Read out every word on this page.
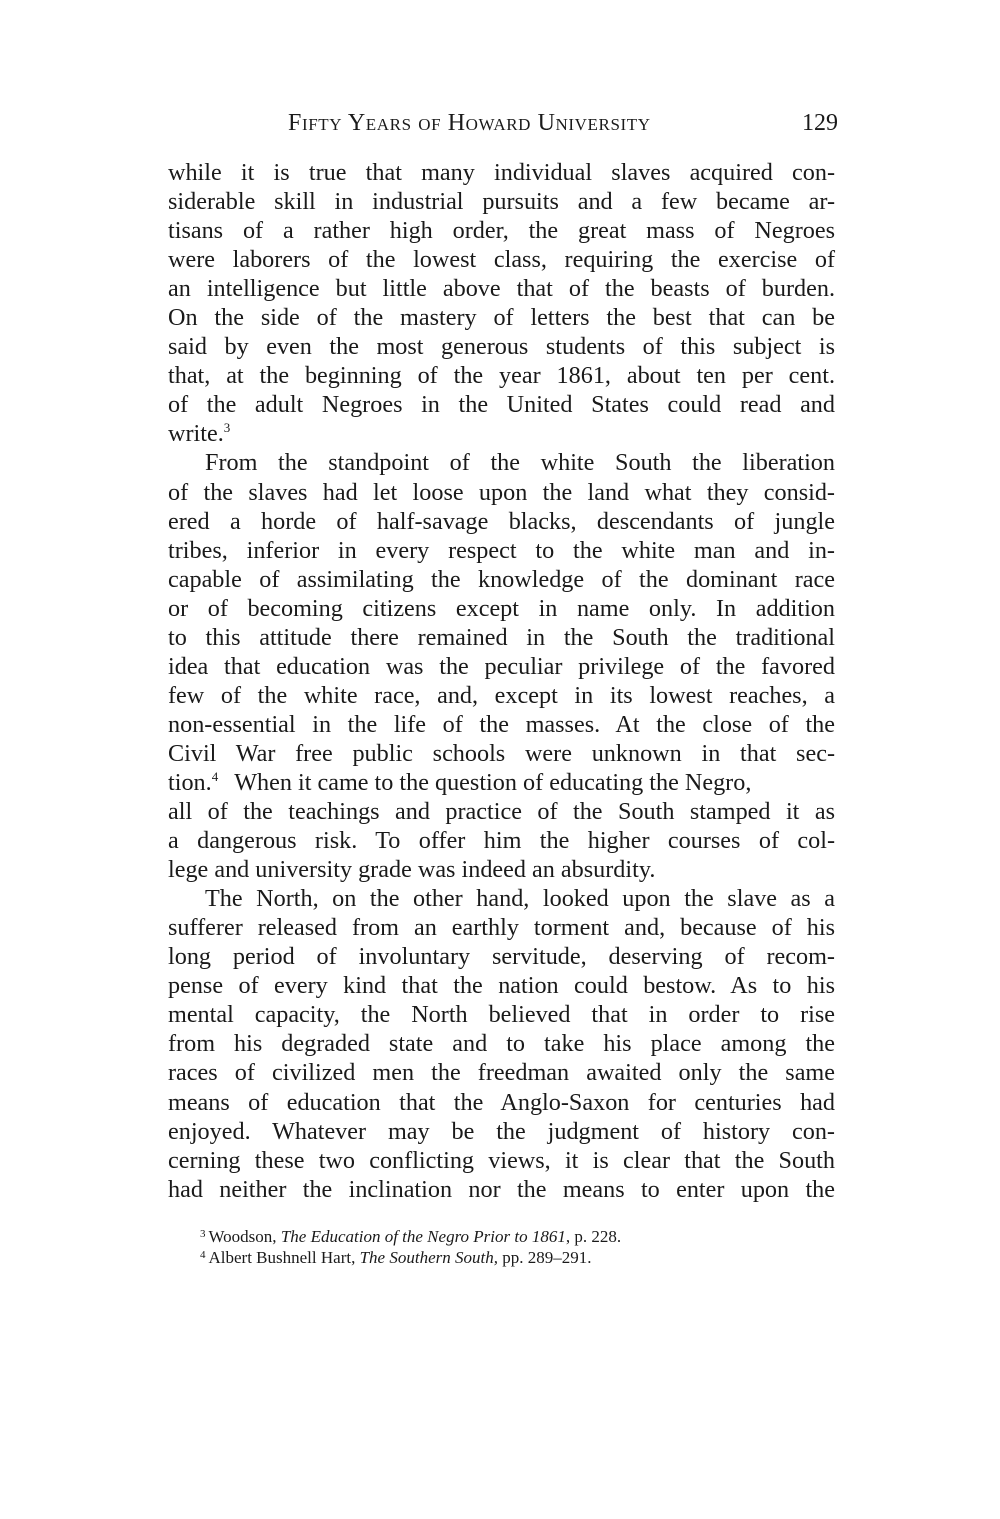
Fifty Years of Howard University	129
while it is true that many individual slaves acquired con-
siderable skill in industrial pursuits and a few became ar-
tisans of a rather high order, the great mass of Negroes
were laborers of the lowest class, requiring the exercise of
an intelligence but little above that of the beasts of burden.
On the side of the mastery of letters the best that can be
said by even the most generous students of this subject is
that, at the beginning of the year 1861, about ten per cent.
of the adult Negroes in the United States could read and
write.$^3$
From the standpoint of the white South the liberation
of the slaves had let loose upon the land what they consid-
ered a horde of half-savage blacks, descendants of jungle
tribes, inferior in every respect to the white man and in-
capable of assimilating the knowledge of the dominant race
or of becoming citizens except in name only. In addition
to this attitude there remained in the South the traditional
idea that education was the peculiar privilege of the favored
few of the white race, and, except in its lowest reaches, a
non-essential in the life of the masses. At the close of the
Civil War free public schools were unknown in that sec-
tion.$^4$ When it came to the question of educating the Negro,
all of the teachings and practice of the South stamped it as
a dangerous risk. To offer him the higher courses of col-
lege and university grade was indeed an absurdity.
The North, on the other hand, looked upon the slave as a
sufferer released from an earthly torment and, because of his
long period of involuntary servitude, deserving of recom-
pense of every kind that the nation could bestow. As to his
mental capacity, the North believed that in order to rise
from his degraded state and to take his place among the
races of civilized men the freedman awaited only the same
means of education that the Anglo-Saxon for centuries had
enjoyed. Whatever may be the judgment of history con-
cerning these two conflicting views, it is clear that the South
had neither the inclination nor the means to enter upon the
$^3$ Woodson, The Education of the Negro Prior to 1861, p. 228.
$^4$ Albert Bushnell Hart, The Southern South, pp. 289–291.
